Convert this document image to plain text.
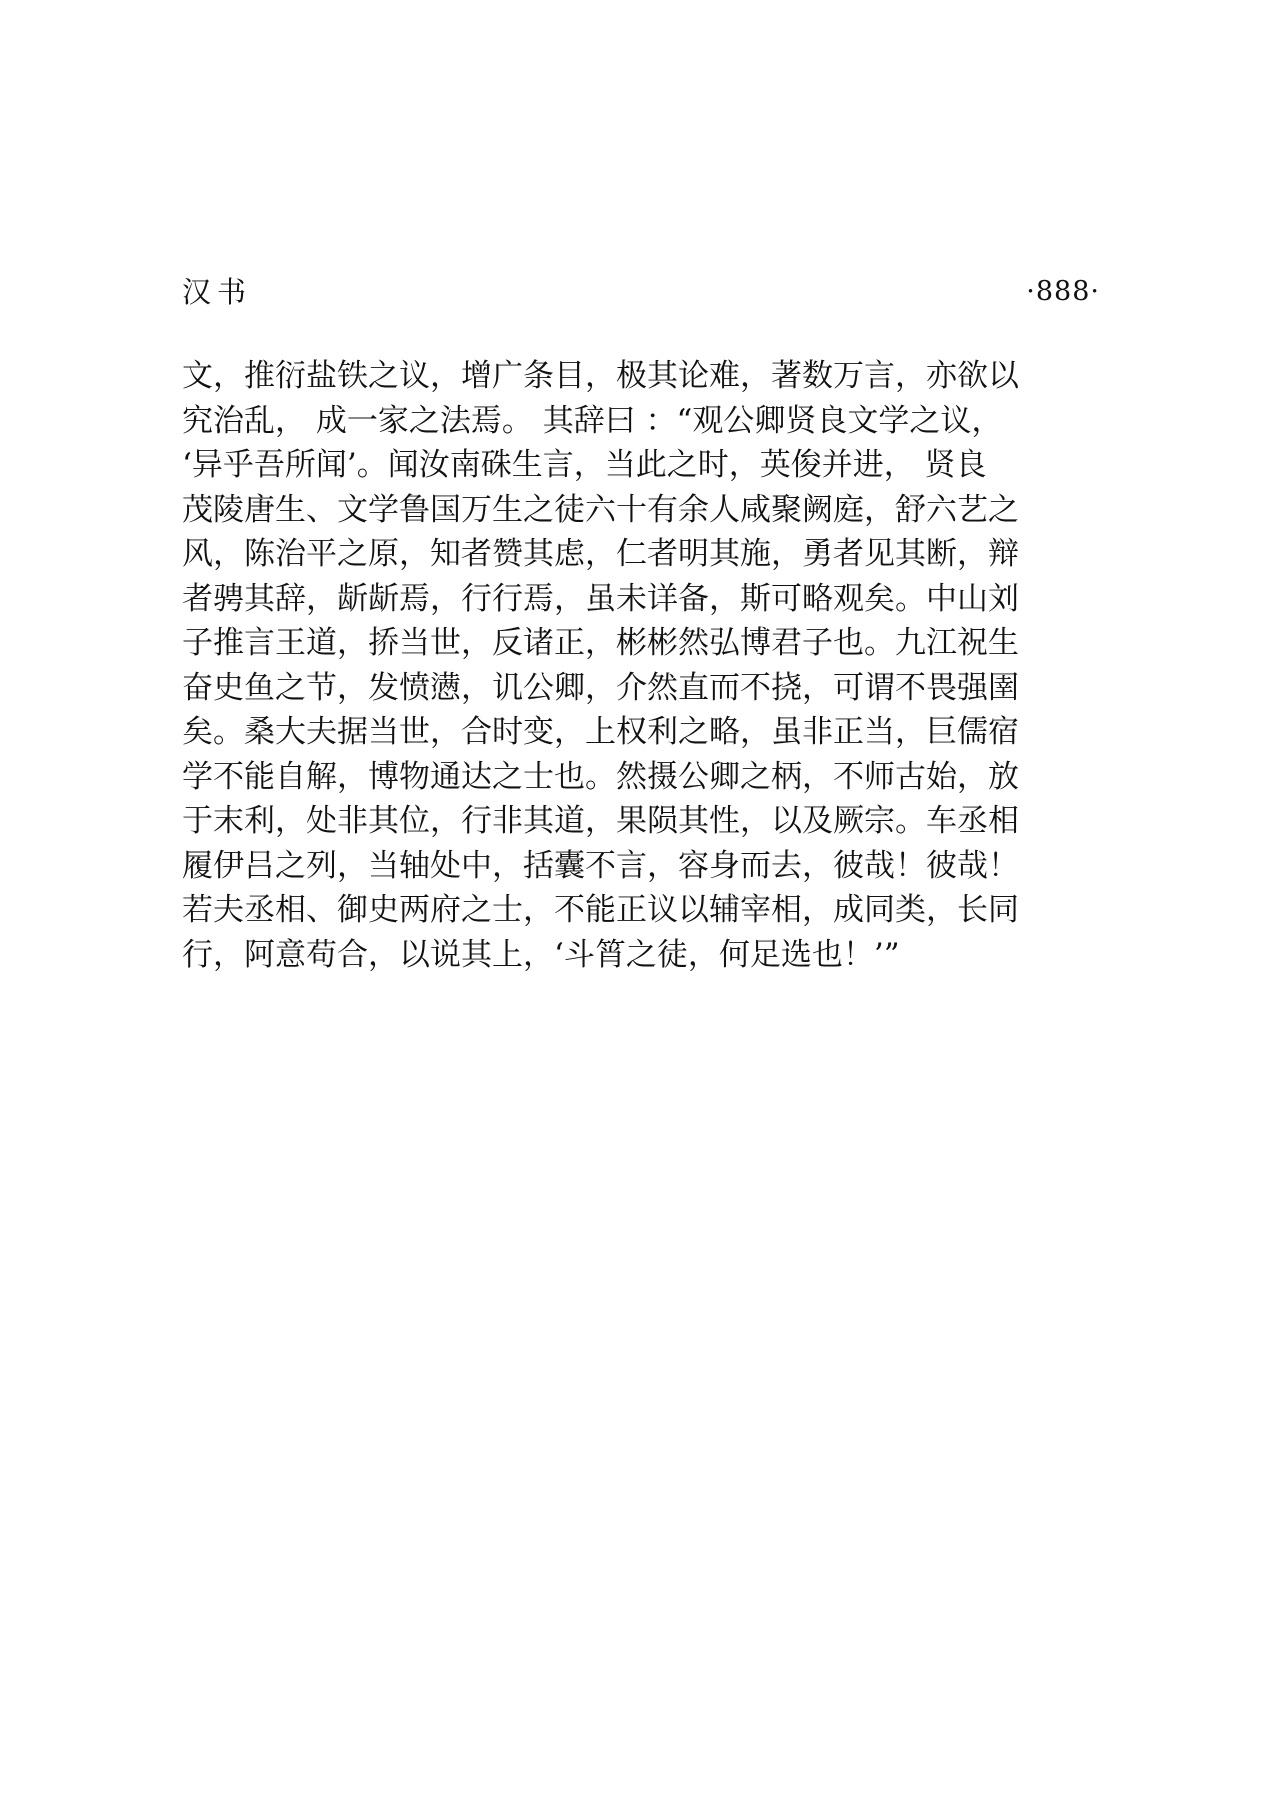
汉书	·888·
文，推衍盐铁之议，增广条目，极其论难，著数万言，亦欲以
究治乱， 成一家之法焉。 其辞曰 ：“观公卿贤良文学之议，
‘异乎吾所闻’。闻汝南硃生言，当此之时，英俊并进， 贤良
茂陵唐生、文学鲁国万生之徒六十有余人咸聚阙庭，舒六艺之
风，陈治平之原，知者赞其虑，仁者明其施，勇者见其断，辩
者骋其辞，龂龂焉，行行焉，虽未详备，斯可略观矣。中山刘
子推言王道，挢当世，反诸正，彬彬然弘博君子也。九江祝生
奋史鱼之节，发愤懑，讥公卿，介然直而不挠，可谓不畏强圉
矣。桑大夫据当世，合时变，上权利之略，虽非正当，巨儒宿
学不能自解，博物通达之士也。然摄公卿之柄，不师古始，放
于末利，处非其位，行非其道，果陨其性，以及厥宗。车丞相
履伊吕之列，当轴处中，括囊不言，容身而去，彼哉！彼哉！
若夫丞相、御史两府之士，不能正议以辅宰相，成同类，长同
行，阿意苟合，以说其上，‘斗筲之徒，何足选也！’”
